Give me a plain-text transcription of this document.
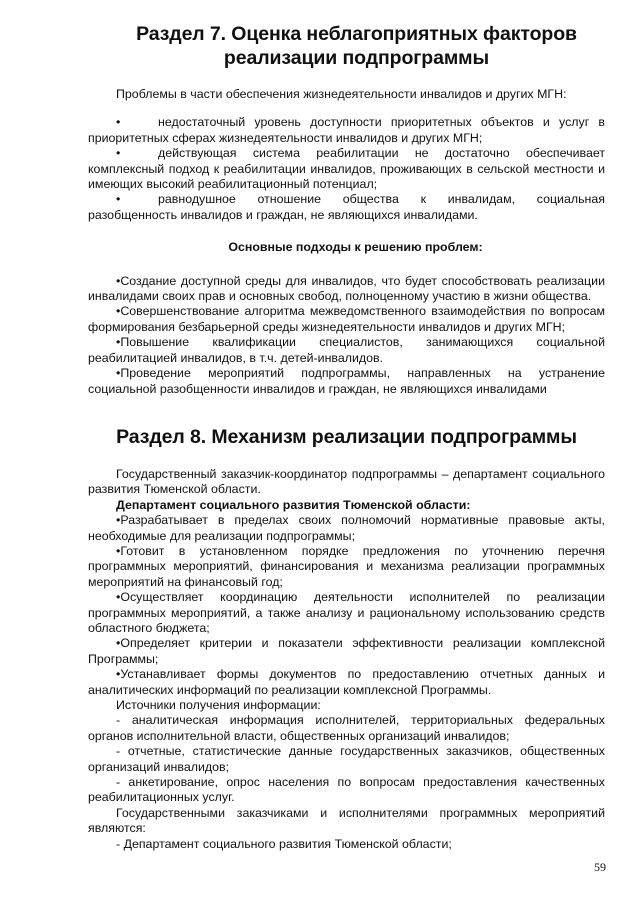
Раздел 7. Оценка неблагоприятных факторов реализации подпрограммы

Проблемы в части обеспечения жизнедеятельности инвалидов и других МГН:

•	недостаточный уровень доступности приоритетных объектов и услуг в приоритетных сферах жизнедеятельности инвалидов и других МГН;

•	действующая система реабилитации не достаточно обеспечивает комплексный подход к реабилитации инвалидов, проживающих в сельской местности и имеющих высокий реабилитационный потенциал;

•	равнодушное отношение общества к инвалидам, социальная разобщенность инвалидов и граждан, не являющихся инвалидами.

Основные подходы к решению проблем:

•Создание доступной среды для инвалидов, что будет способствовать реализации инвалидами своих прав и основных свобод, полноценному участию в жизни общества.

•Совершенствование алгоритма межведомственного взаимодействия по вопросам формирования безбарьерной среды жизнедеятельности инвалидов и других МГН;

•Повышение квалификации специалистов, занимающихся социальной реабилитацией инвалидов, в т.ч. детей-инвалидов.

•Проведение мероприятий подпрограммы, направленных на устранение социальной разобщенности инвалидов и граждан, не являющихся инвалидами

Раздел 8. Механизм реализации подпрограммы

Государственный заказчик-координатор подпрограммы – департамент социального развития Тюменской области.

Департамент социального развития Тюменской области:

•Разрабатывает в пределах своих полномочий нормативные правовые акты, необходимые для реализации подпрограммы;

•Готовит в установленном порядке предложения по уточнению перечня программных мероприятий, финансирования и механизма реализации программных мероприятий на финансовый год;

•Осуществляет координацию деятельности исполнителей по реализации программных мероприятий, а также анализу и рациональному использованию средств областного бюджета;

•Определяет критерии и показатели эффективности реализации комплексной Программы;

•Устанавливает формы документов по предоставлению отчетных данных и аналитических информаций по реализации комплексной Программы.

Источники получения информации:

- аналитическая информация исполнителей, территориальных федеральных органов исполнительной власти, общественных организаций инвалидов;

- отчетные, статистические данные государственных заказчиков, общественных организаций инвалидов;

- анкетирование, опрос населения по вопросам предоставления качественных реабилитационных услуг.

Государственными заказчиками и исполнителями программных мероприятий являются:

- Департамент социального развития Тюменской области;

59
